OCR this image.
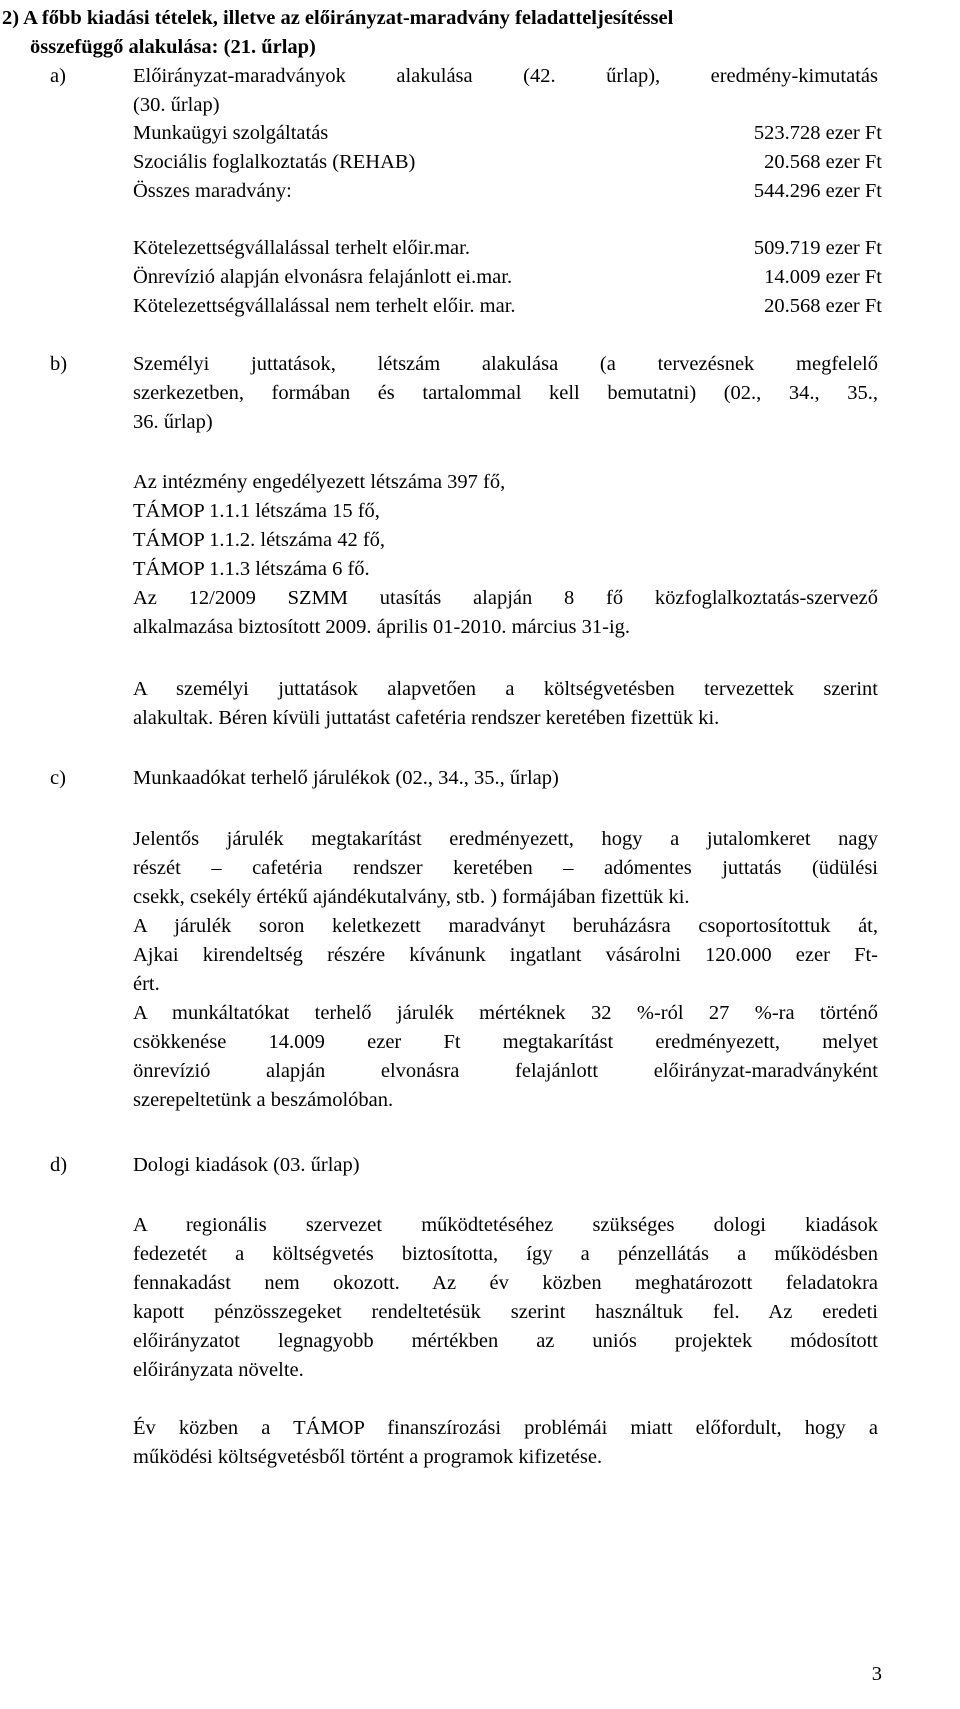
2) A főbb kiadási tételek, illetve az előirányzat-maradvány feladatteljesítéssel
összefüggő alakulása: (21. űrlap)
a)	Előirányzat-maradványok alakulása (42. űrlap), eredmény-kimutatás
(30. űrlap)
Munkaügyi szolgáltatás	523.728 ezer Ft
Szociális foglalkoztatás (REHAB)	20.568 ezer Ft
Összes maradvány:	544.296 ezer Ft
Kötelezettségvállalással terhelt előir.mar.	509.719 ezer Ft
Önrevízió alapján elvonásra felajánlott ei.mar.	14.009 ezer Ft
Kötelezettségvállalással nem terhelt előir. mar.	20.568 ezer Ft
b)	Személyi juttatások, létszám alakulása (a tervezésnek megfelelő
szerkezetben, formában és tartalommal kell bemutatni) (02., 34., 35.,
36. űrlap)
Az intézmény engedélyezett létszáma 397 fő,
TÁMOP 1.1.1 létszáma 15 fő,
TÁMOP 1.1.2. létszáma 42 fő,
TÁMOP 1.1.3 létszáma 6 fő.
Az 12/2009 SZMM utasítás alapján 8 fő közfoglalkoztatás-szervező
alkalmazása biztosított 2009. április 01-2010. március 31-ig.
A személyi juttatások alapvetően a költségvetésben tervezettek szerint
alakultak. Béren kívüli juttatást cafetéria rendszer keretében fizettük ki.
c)	Munkaadókat terhelő járulékok (02., 34., 35., űrlap)
Jelentős járulék megtakarítást eredményezett, hogy a jutalomkeret nagy
részét – cafetéria rendszer keretében – adómentes juttatás (üdülési
csekk, csekély értékű ajándékutalvány, stb. ) formájában fizettük ki.
A járulék soron keletkezett maradványt beruházásra csoportosítottuk át,
Ajkai kirendeltség részére kívánunk ingatlant vásárolni 120.000 ezer Ft-
ért.
A munkáltatókat terhelő járulék mértéknek 32 %-ról 27 %-ra történő
csökkenése 14.009 ezer Ft megtakarítást eredményezett, melyet
önrevízió alapján elvonásra felajánlott előirányzat-maradványként
szerepeltetünk a beszámolóban.
d)	Dologi kiadások (03. űrlap)
A regionális szervezet működtetéséhez szükséges dologi kiadások
fedezetét a költségvetés biztosította, így a pénzellátás a működésben
fennakadást nem okozott. Az év közben meghatározott feladatokra
kapott pénzösszegeket rendeltetésük szerint használtuk fel. Az eredeti
előirányzatot legnagyobb mértékben az uniós projektek módosított
előirányzata növelte.
Év közben a TÁMOP finanszírozási problémái miatt előfordult, hogy a
működési költségvetésből történt a programok kifizetése.
3
